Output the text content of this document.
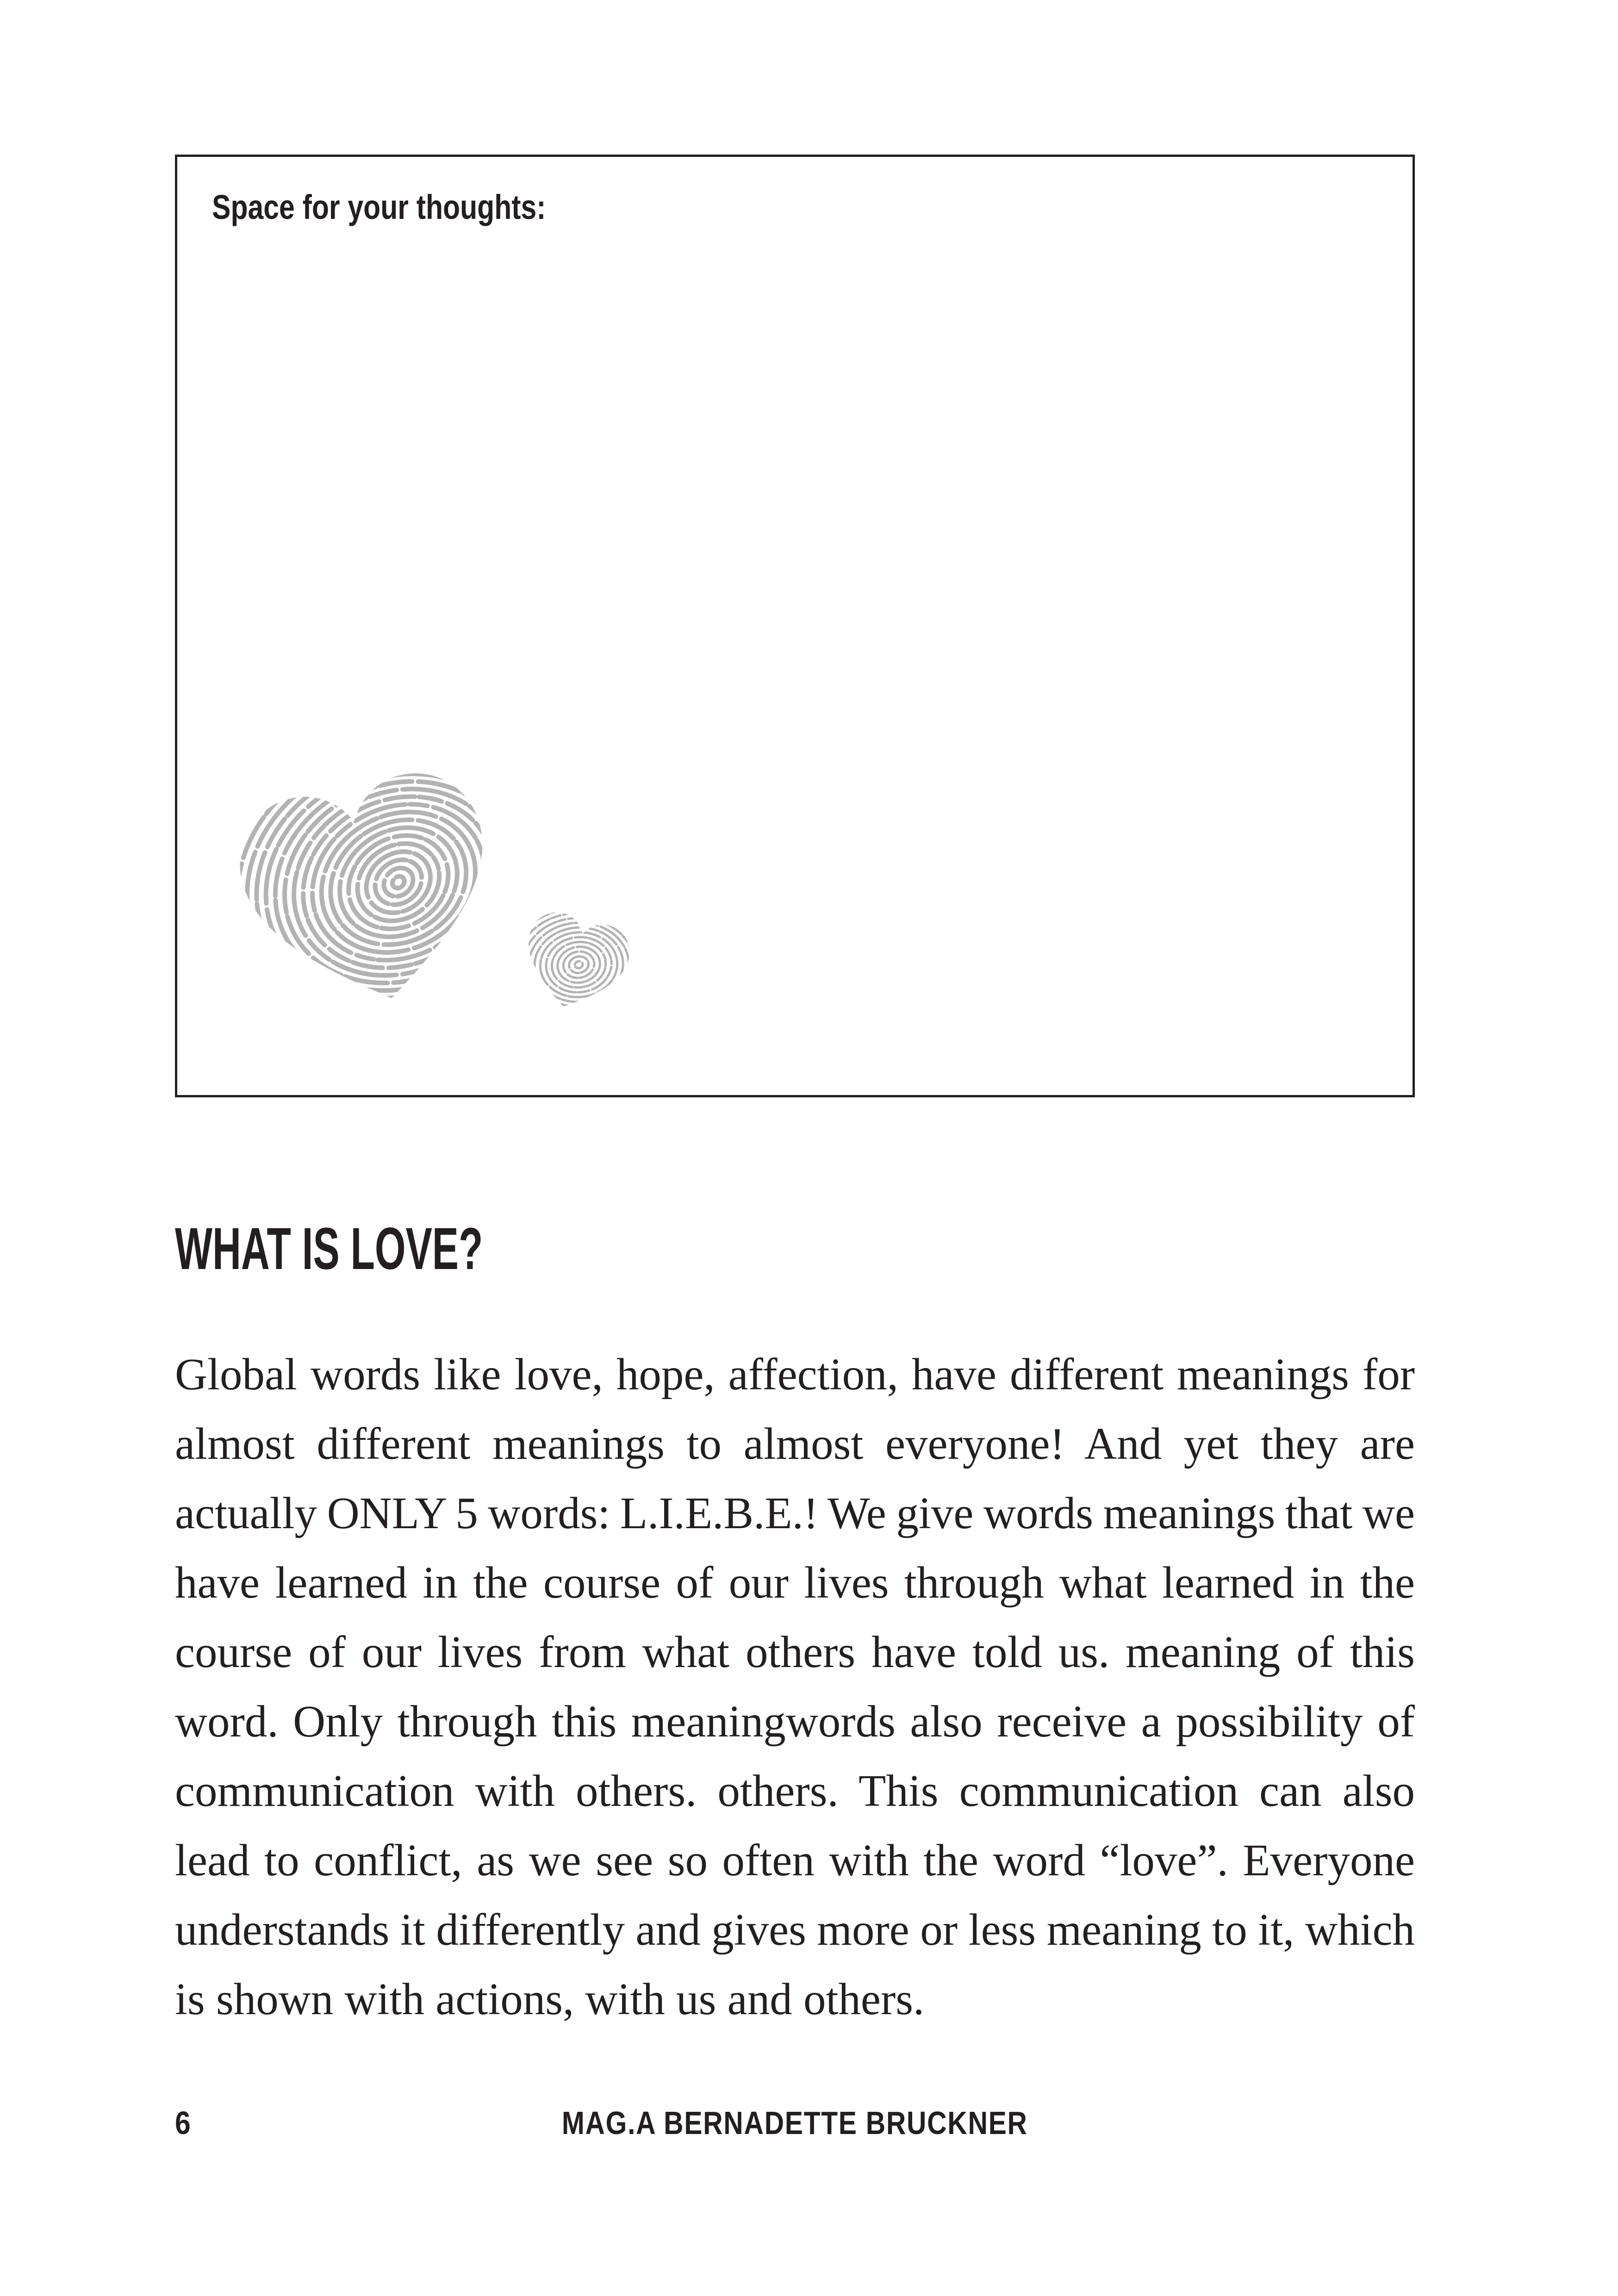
Space for your thoughts:
WHAT IS LOVE?
Global words like love, hope, affection, have different meanings for
almost different meanings to almost everyone! And yet they are
actually ONLY 5 words: L.I.E.B.E.! We give words meanings that we
have learned in the course of our lives through what learned in the
course of our lives from what others have told us. meaning of this
word. Only through this meaningwords also receive a possibility of
communication with others. others. This communication can also
lead to conflict, as we see so often with the word “love”. Everyone
understands it differently and gives more or less meaning to it, which
is shown with actions, with us and others.
6	MAG.A BERNADETTE BRUCKNER
